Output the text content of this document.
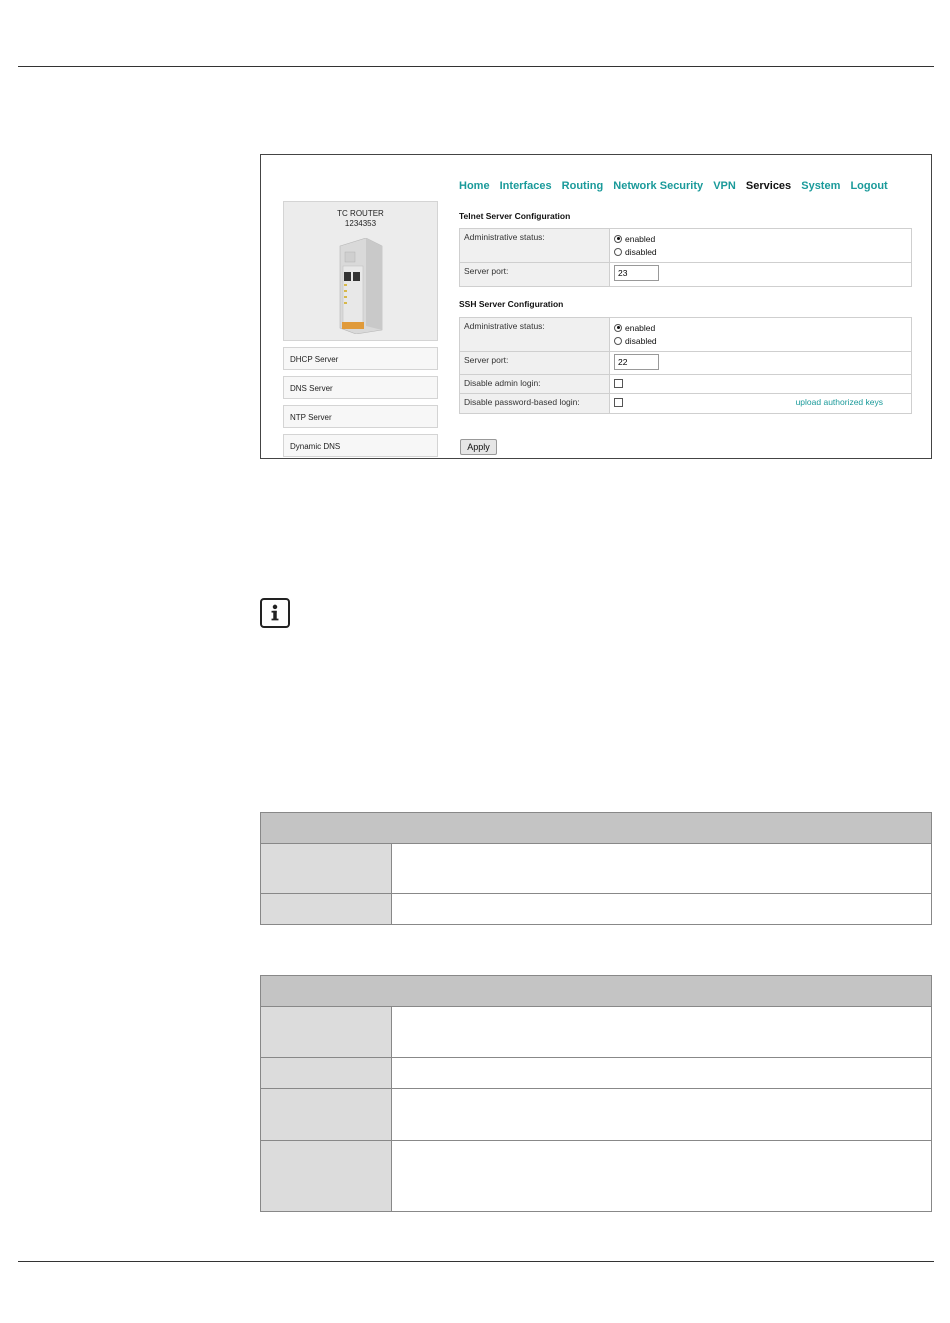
TC ROUTER
1234353
DHCP Server
DNS Server
NTP Server
Dynamic DNS
Home Interfaces Routing Network Security VPN Services System Logout
Telnet Server Configuration
Administrative status:	enabled
disabled

Server port:	23
SSH Server Configuration
Administrative status:	enabled
disabled

Server port:	22
Disable admin login:	
Disable password-based login:	upload authorized keys
Apply
